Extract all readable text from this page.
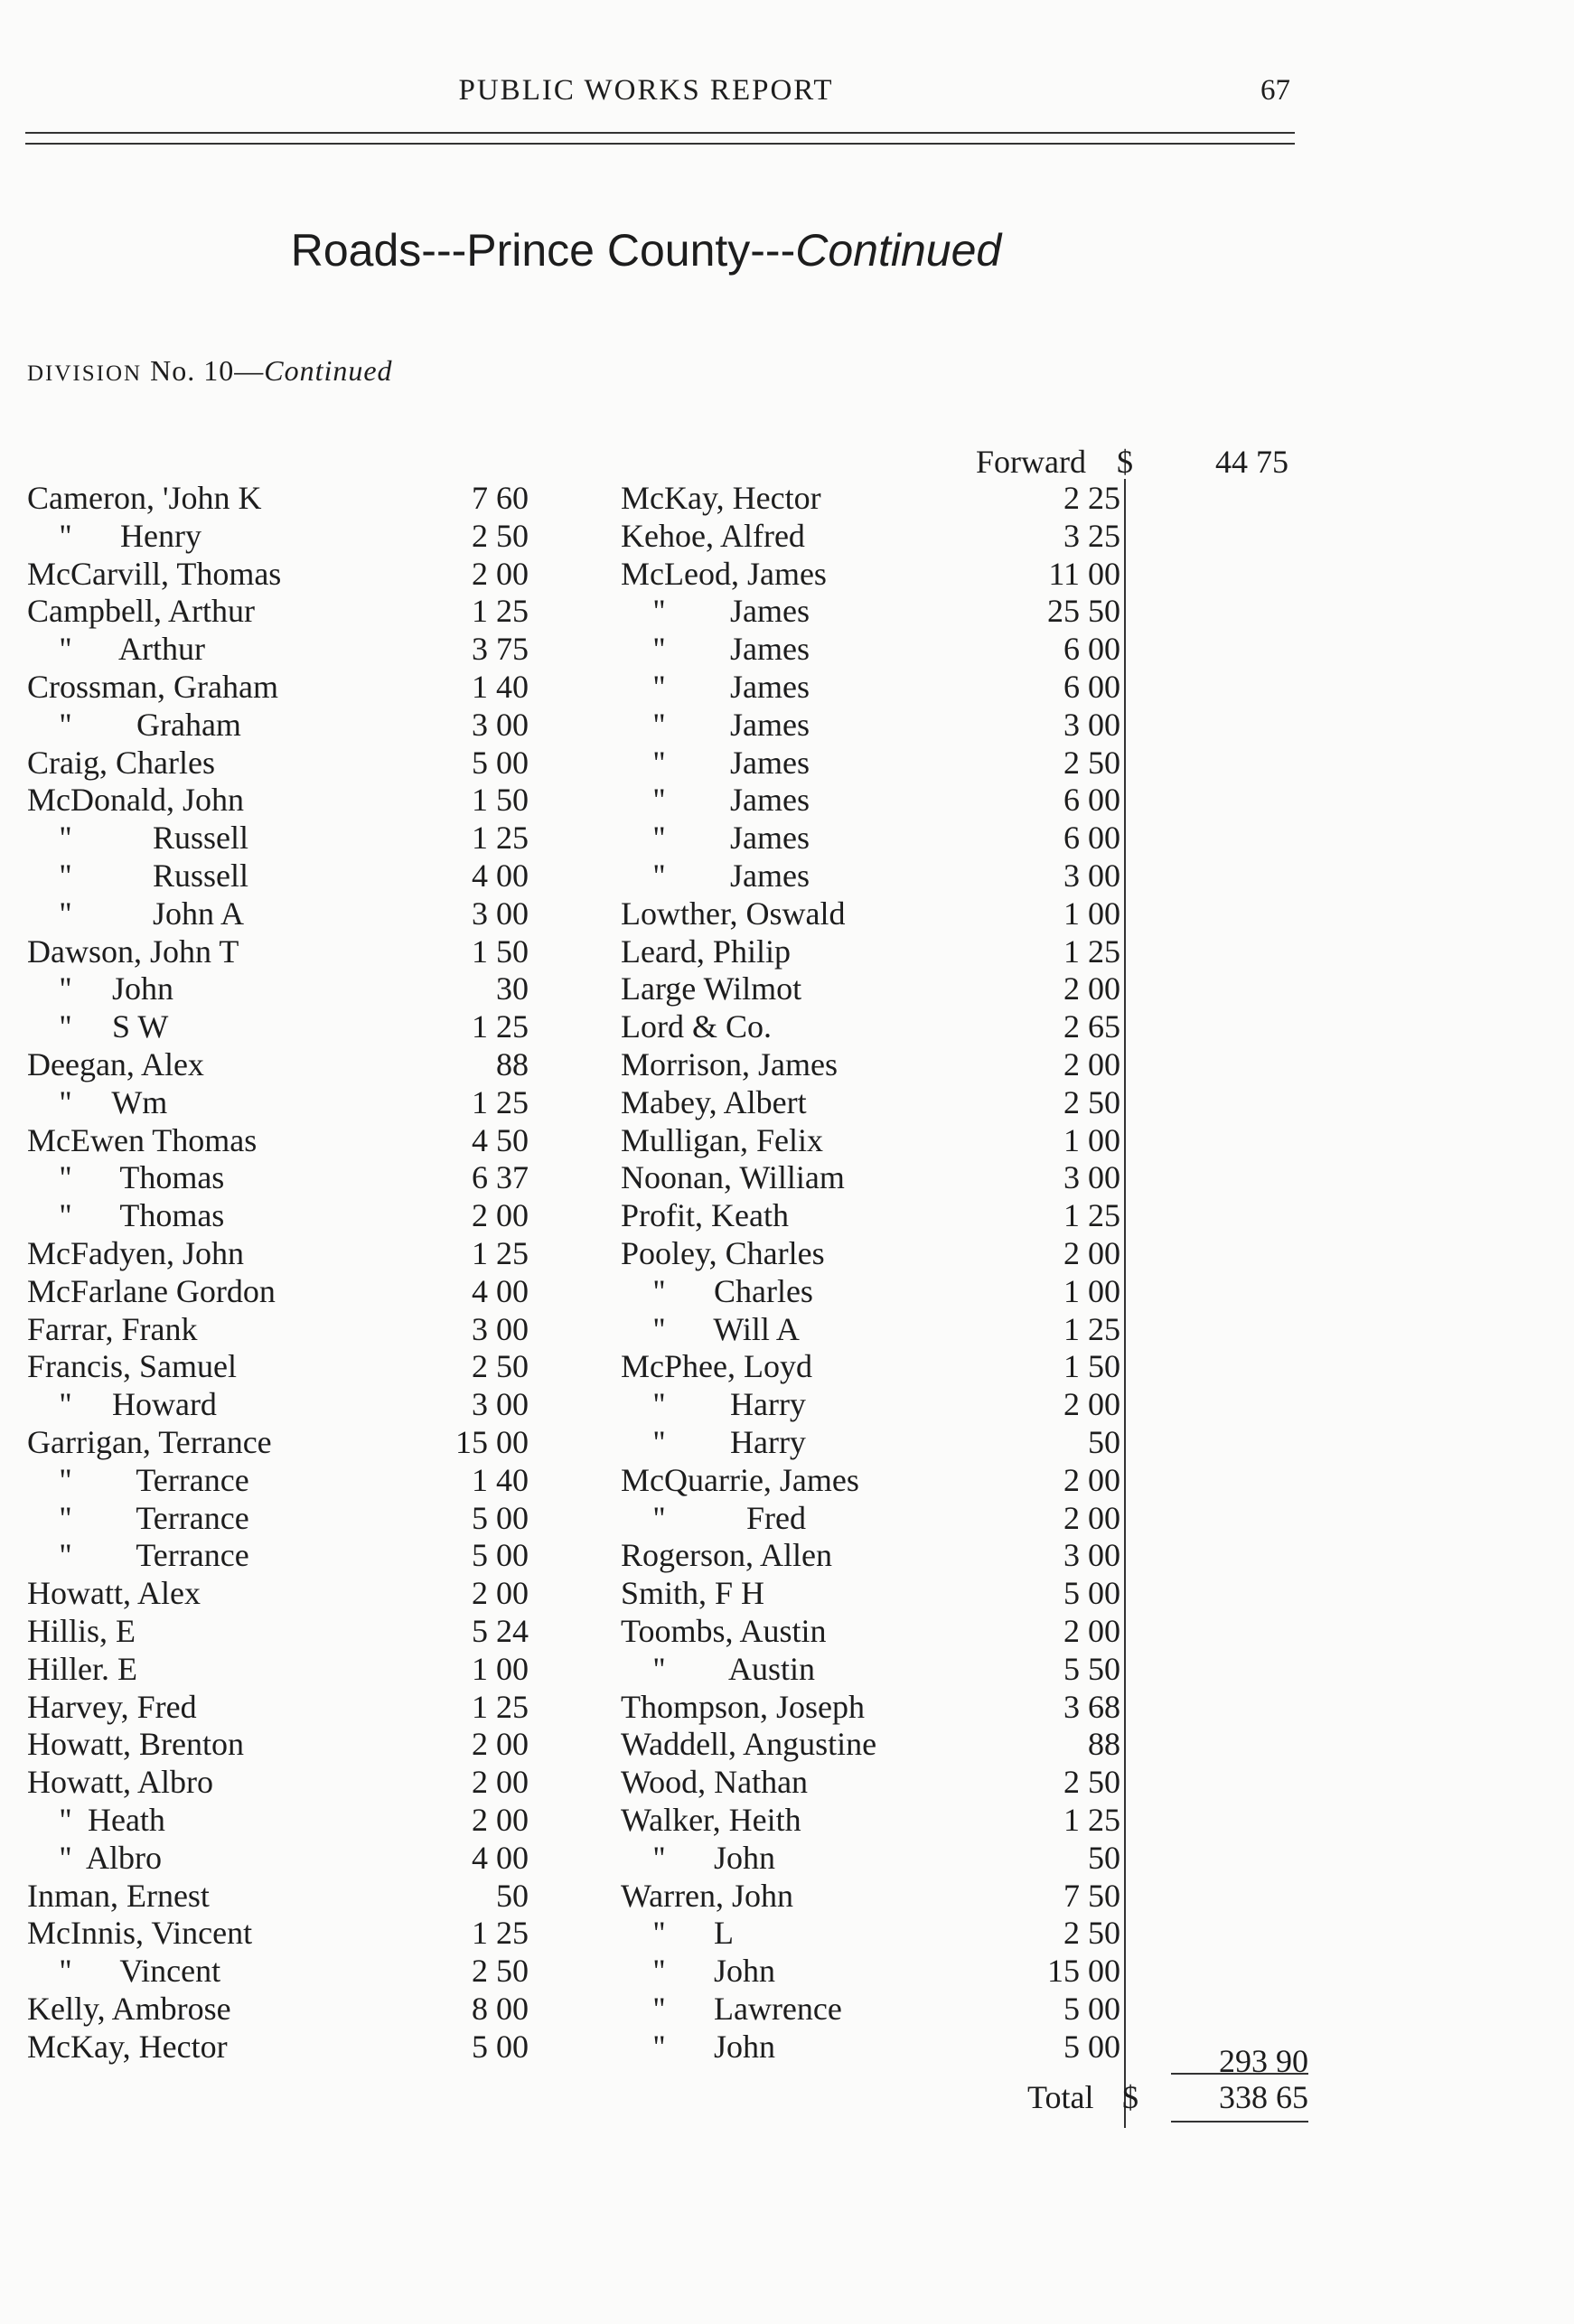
PUBLIC WORKS REPORT	67
Roads---Prince County---Continued
DIVISION No. 10—Continued
Forward $	44 75
Cameron, 'John K	7 60
''      Henry	2 50
McCarvill, Thomas	2 00
Campbell, Arthur	1 25
''      Arthur	3 75
Crossman, Graham	1 40
''        Graham	3 00
Craig, Charles	5 00
McDonald, John	1 50
''          Russell	1 25
''          Russell	4 00
''          John A	3 00
Dawson, John T	1 50
''     John	30
''     S W	1 25
Deegan, Alex	88
''     Wm	1 25
McEwen Thomas	4 50
''      Thomas	6 37
''      Thomas	2 00
McFadyen, John	1 25
McFarlane Gordon	4 00
Farrar, Frank	3 00
Francis, Samuel	2 50
''     Howard	3 00
Garrigan, Terrance	15 00
''        Terrance	1 40
''        Terrance	5 00
''        Terrance	5 00
Howatt, Alex	2 00
Hillis, E	5 24
Hiller. E	1 00
Harvey, Fred	1 25
Howatt, Brenton	2 00
Howatt, Albro	2 00
''  Heath	2 00
''  Albro	4 00
Inman, Ernest	50
McInnis, Vincent	1 25
''      Vincent	2 50
Kelly, Ambrose	8 00
McKay, Hector	5 00
McKay, Hector	2 25
Kehoe, Alfred	3 25
McLeod, James	11 00
''        James	25 50
''        James	6 00
''        James	6 00
''        James	3 00
''        James	2 50
''        James	6 00
''        James	6 00
''        James	3 00
Lowther, Oswald	1 00
Leard, Philip	1 25
Large Wilmot	2 00
Lord & Co.	2 65
Morrison, James	2 00
Mabey, Albert	2 50
Mulligan, Felix	1 00
Noonan, William	3 00
Profit, Keath	1 25
Pooley, Charles	2 00
''      Charles	1 00
''      Will A	1 25
McPhee, Loyd	1 50
''        Harry	2 00
''        Harry	50
McQuarrie, James	2 00
''          Fred	2 00
Rogerson, Allen	3 00
Smith, F H	5 00
Toombs, Austin	2 00
''        Austin	5 50
Thompson, Joseph	3 68
Waddell, Angustine	88
Wood, Nathan	2 50
Walker, Heith	1 25
''      John	50
Warren, John	7 50
''      L	2 50
''      John	15 00
''      Lawrence	5 00
''      John	5 00	293 90
Total $	338 65
